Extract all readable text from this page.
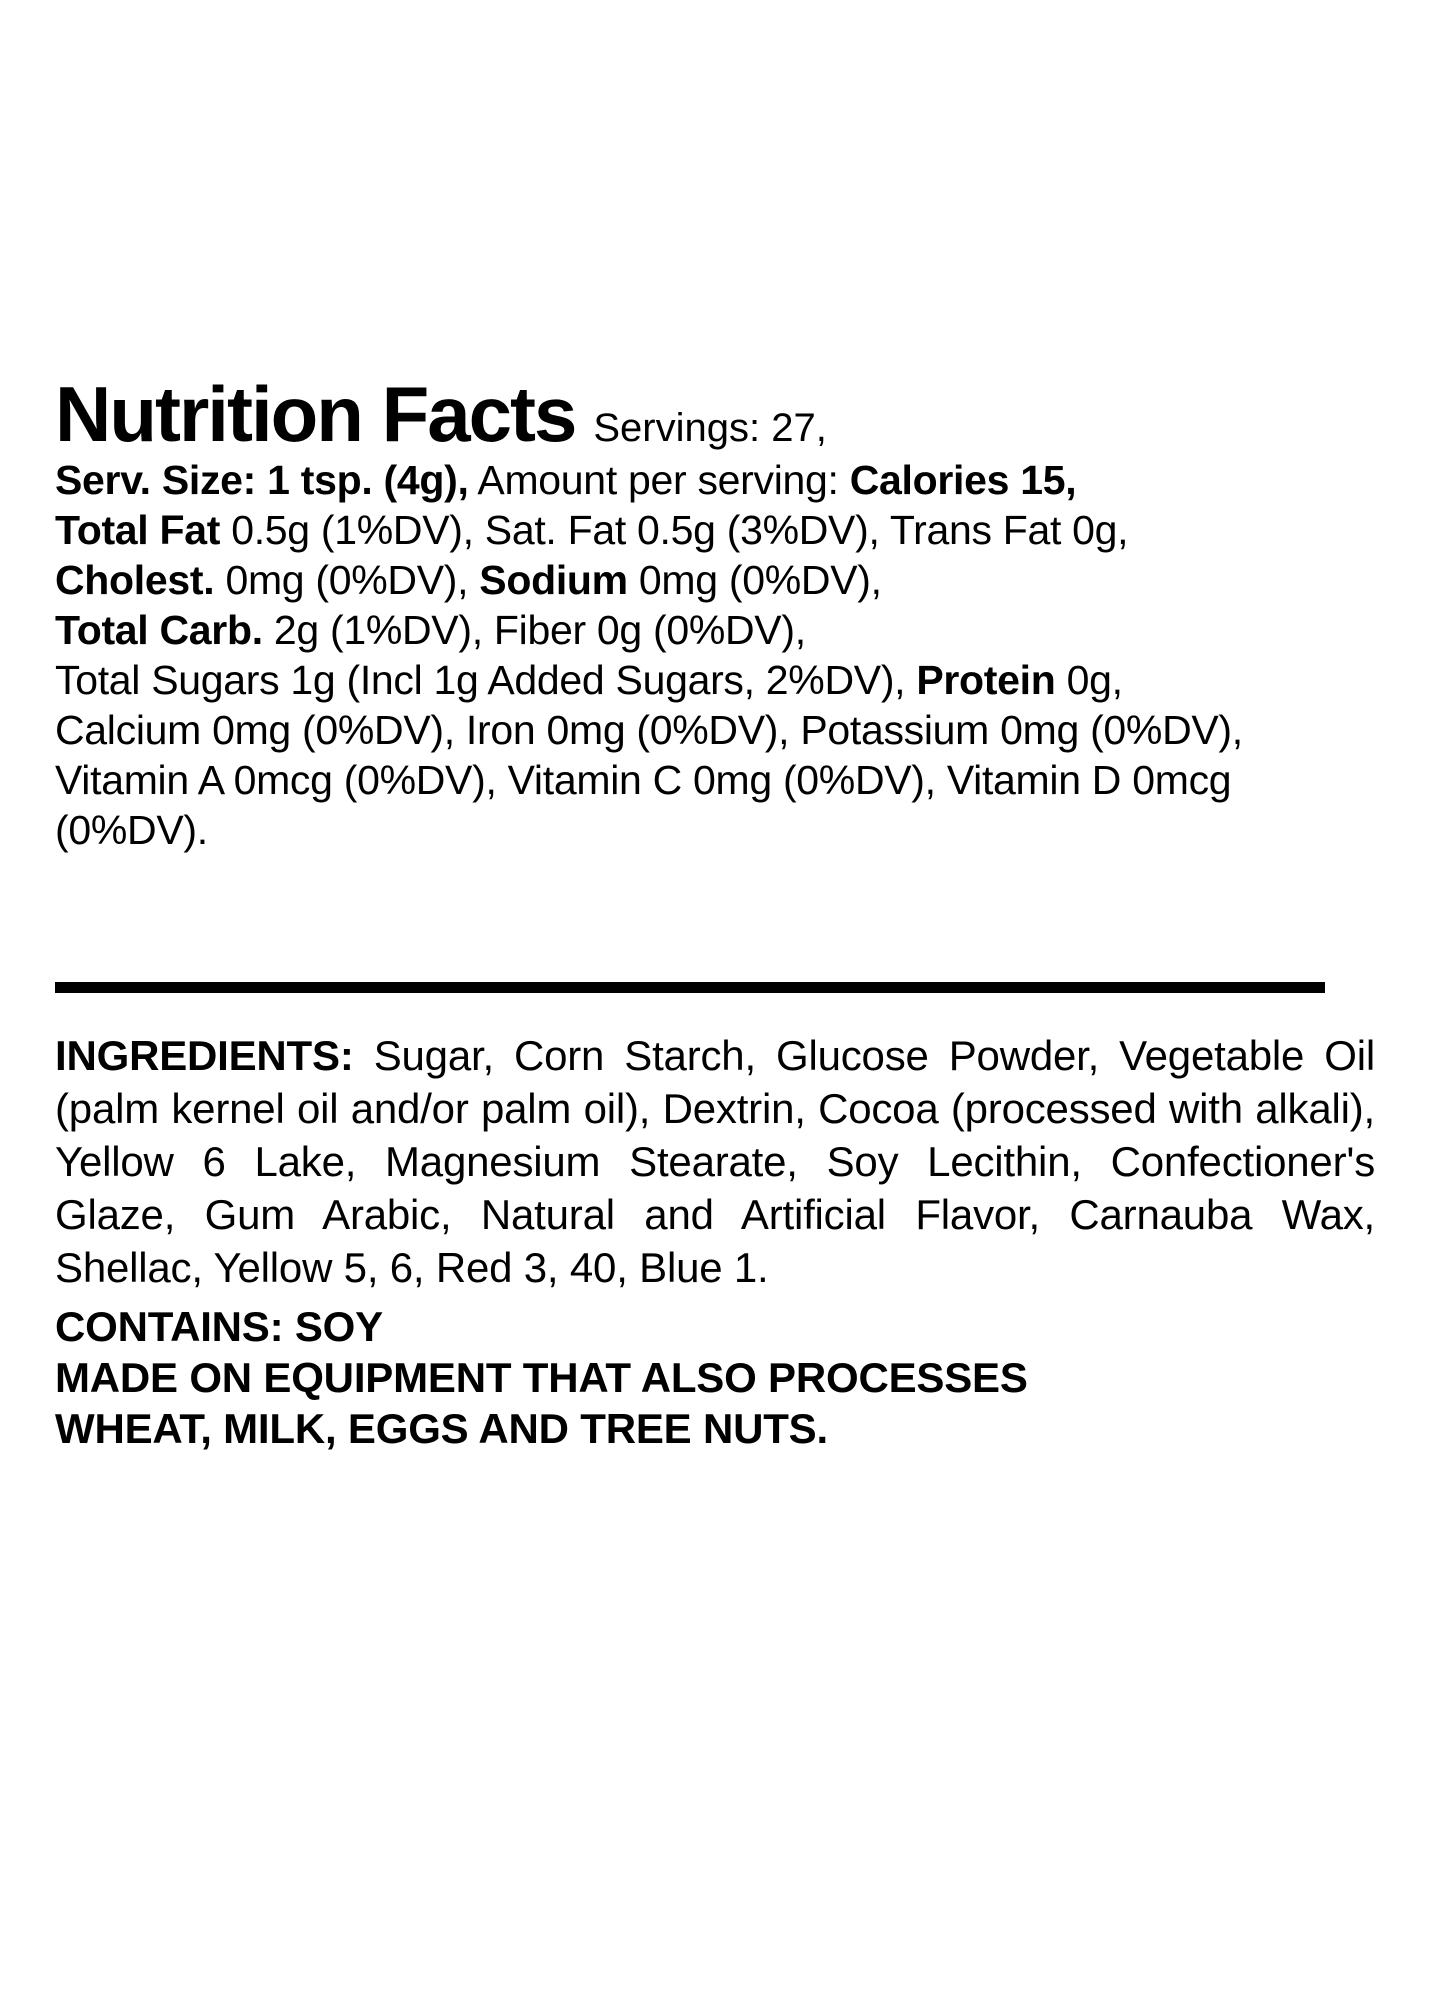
Nutrition Facts Servings: 27,
Serv. Size: 1 tsp. (4g), Amount per serving: Calories 15,
Total Fat 0.5g (1%DV), Sat. Fat 0.5g (3%DV), Trans Fat 0g,
Cholest. 0mg (0%DV), Sodium 0mg (0%DV),
Total Carb. 2g (1%DV), Fiber 0g (0%DV),
Total Sugars 1g (Incl 1g Added Sugars, 2%DV), Protein 0g,
Calcium 0mg (0%DV), Iron 0mg (0%DV), Potassium 0mg (0%DV), Vitamin A 0mcg (0%DV), Vitamin C 0mg (0%DV), Vitamin D 0mcg (0%DV).
INGREDIENTS: Sugar, Corn Starch, Glucose Powder, Vegetable Oil (palm kernel oil and/or palm oil), Dextrin, Cocoa (processed with alkali), Yellow 6 Lake, Magnesium Stearate, Soy Lecithin, Confectioner's Glaze, Gum Arabic, Natural and Artificial Flavor, Carnauba Wax, Shellac, Yellow 5, 6, Red 3, 40, Blue 1.
CONTAINS: SOY
MADE ON EQUIPMENT THAT ALSO PROCESSES
WHEAT, MILK, EGGS AND TREE NUTS.
